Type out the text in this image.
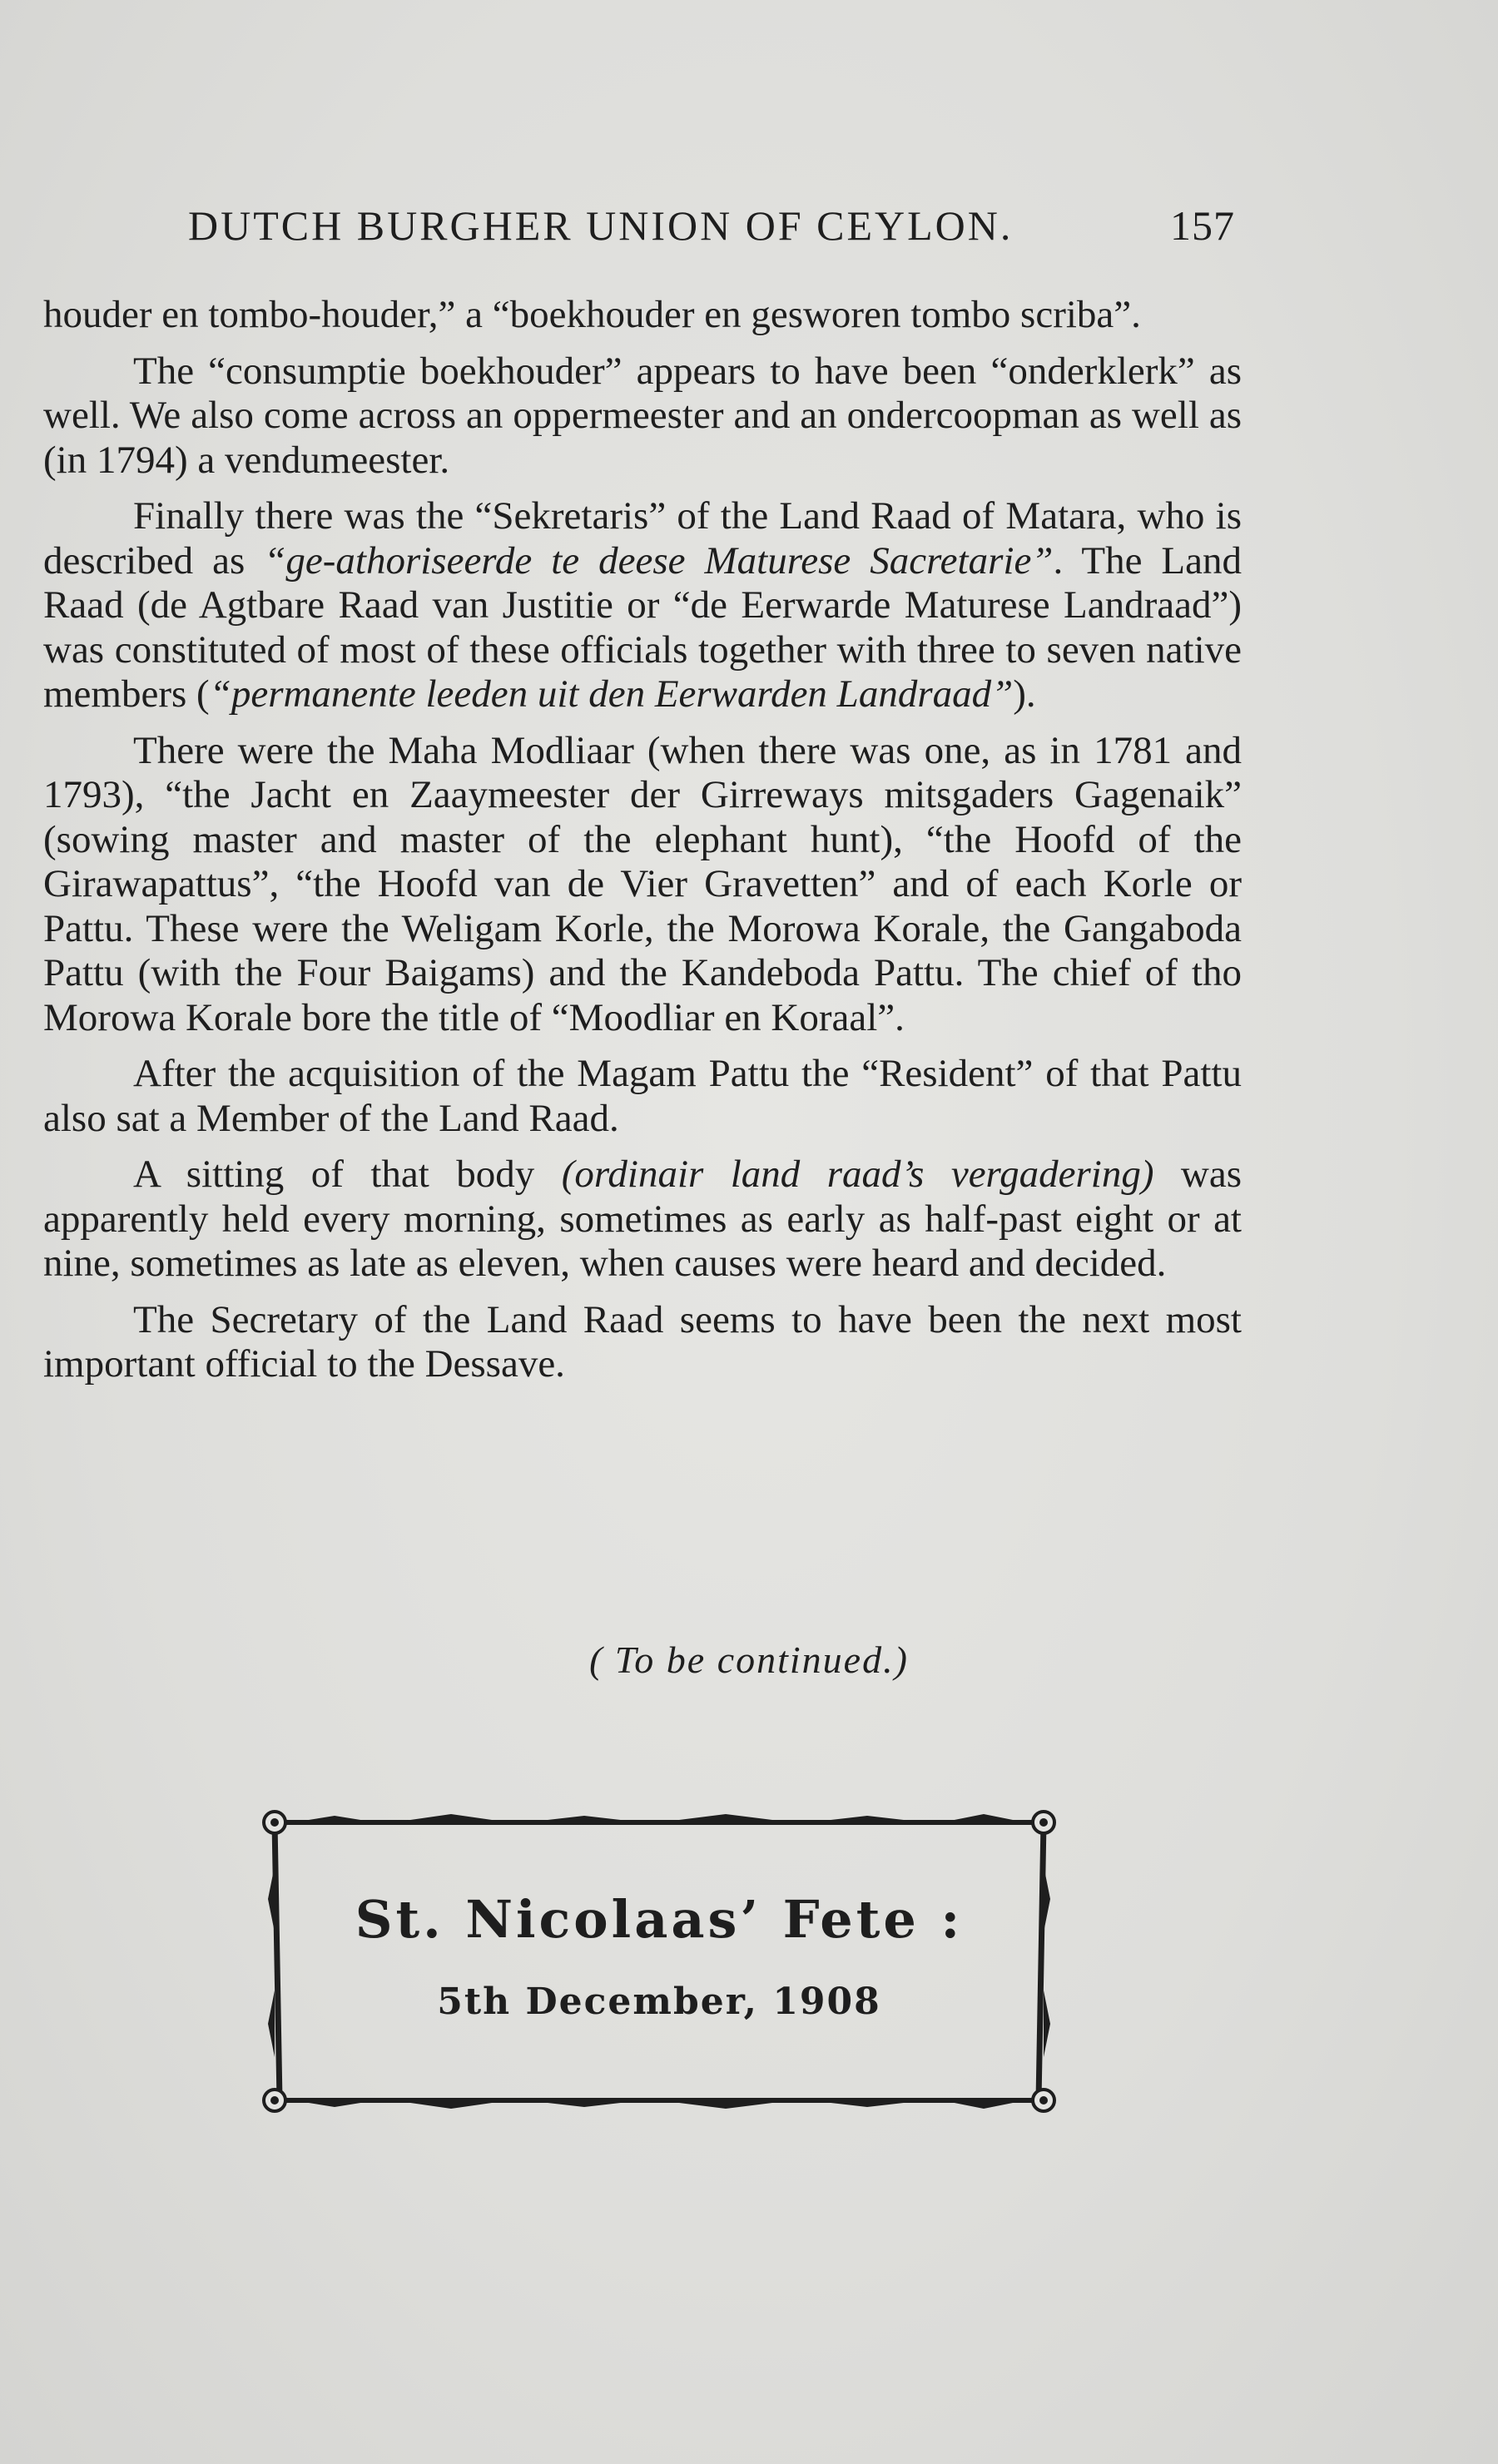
DUTCH BURGHER UNION OF CEYLON.	157

houder en tombo-houder,” a “boekhouder en gesworen tombo scriba”.

The “consumptie boekhouder” appears to have been “onderklerk” as well. We also come across an oppermeester and an ondercoopman as well as (in 1794) a vendumeester.

Finally there was the “Sekretaris” of the Land Raad of Matara, who is described as “ge-athoriseerde te deese Maturese Sacretarie”. The Land Raad (de Agtbare Raad van Justitie or “de Eerwarde Maturese Landraad”) was constituted of most of these officials together with three to seven native members (“permanente leeden uit den Eerwarden Landraad”).

There were the Maha Modliaar (when there was one, as in 1781 and 1793), “the Jacht en Zaaymeester der Girreways mitsgaders Gagenaik” (sowing master and master of the elephant hunt), “the Hoofd of the Girawapattus”, “the Hoofd van de Vier Gravetten” and of each Korle or Pattu. These were the Weligam Korle, the Morowa Korale, the Gangaboda Pattu (with the Four Baigams) and the Kandeboda Pattu. The chief of tho Morowa Korale bore the title of “Moodliar en Koraal”.

After the acquisition of the Magam Pattu the “Resident” of that Pattu also sat a Member of the Land Raad.

A sitting of that body (ordinair land raad’s vergadering) was apparently held every morning, sometimes as early as half-past eight or at nine, sometimes as late as eleven, when causes were heard and decided.

The Secretary of the Land Raad seems to have been the next most important official to the Dessave.

( To be continued.)
St. Nicolaas’ Fete :
5th December, 1908
